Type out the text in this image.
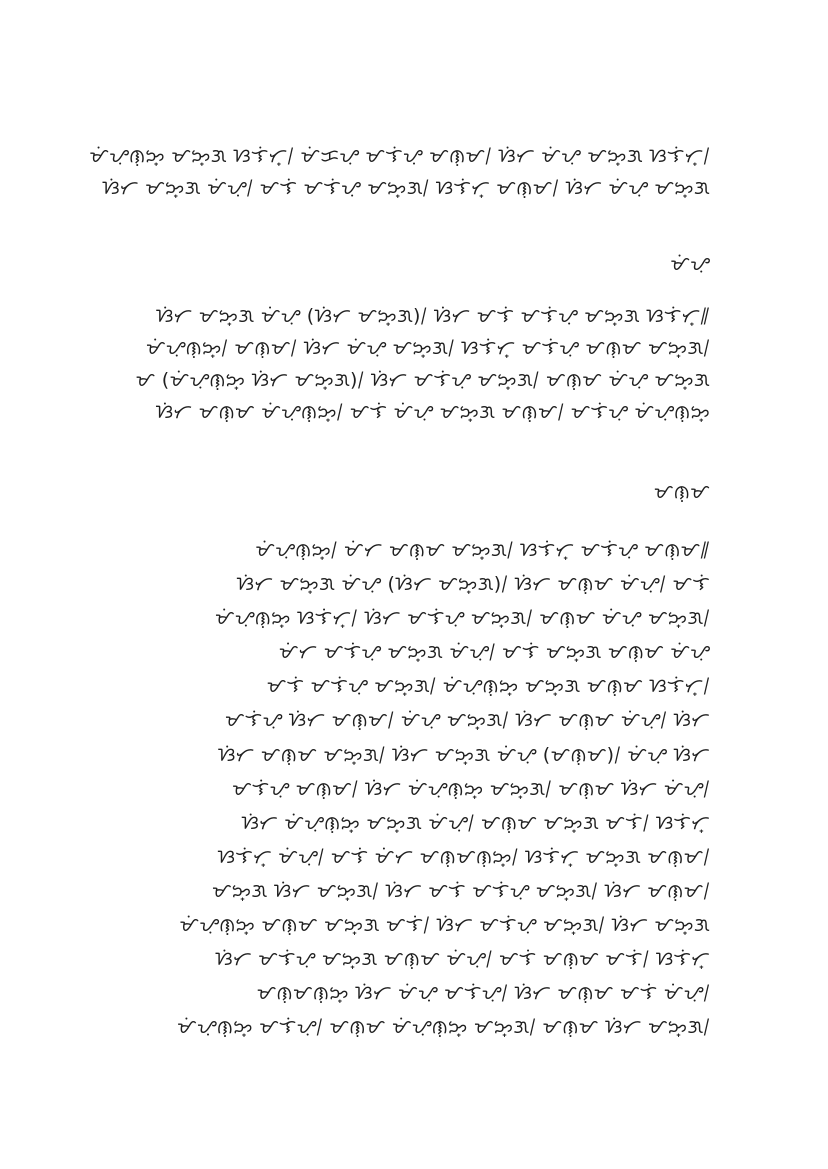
ᜋᜒᜌᜓᜈᜓᜅ᜔ ᜋᜅ᜔ᜄ ᜐᜎᜒᜆ᜔᜵ ᜋᜒᜃᜌᜓ ᜋᜎᜒᜌᜓ ᜋᜈᜓᜋ᜵ ᜐᜒᜆ ᜋᜒᜌᜓ ᜋᜅ᜔ᜄ ᜐᜎᜒᜆ᜔᜵
ᜐᜒᜆ ᜋᜅ᜔ᜄ ᜋᜒᜌᜓ᜵ ᜋᜎᜒ ᜋᜎᜒᜌᜓ ᜋᜅ᜔ᜄ᜵ ᜐᜎᜒᜆ᜔ ᜋᜈᜓᜋ᜵ ᜐᜒᜆ ᜋᜒᜌᜓ ᜋᜅ᜔ᜄ
ᜋᜒᜌᜓ
ᜐᜒᜆ ᜋᜅ᜔ᜄ ᜋᜒᜌᜓ (ᜐᜒᜆ ᜋᜅ᜔ᜄ)᜵ ᜐᜒᜆ ᜋᜎᜒ ᜋᜎᜒᜌᜓ ᜋᜅ᜔ᜄ ᜐᜎᜒᜆ᜔᜶
ᜋᜒᜌᜓᜈᜓᜅ᜔᜵ ᜋᜈᜓᜋ᜵ ᜐᜒᜆ ᜋᜒᜌᜓ ᜋᜅ᜔ᜄ᜵ ᜐᜎᜒᜆ᜔ ᜋᜎᜒᜌᜓ ᜋᜈᜓᜋ ᜋᜅ᜔ᜄ᜵
ᜋ (ᜋᜒᜌᜓᜈᜓᜅ᜔ ᜐᜒᜆ ᜋᜅ᜔ᜄ)᜵ ᜐᜒᜆ ᜋᜎᜒᜌᜓ ᜋᜅ᜔ᜄ᜵ ᜋᜈᜓᜋ ᜋᜒᜌᜓ ᜋᜅ᜔ᜄ
ᜐᜒᜆ ᜋᜈᜓᜋ ᜋᜒᜌᜓᜈᜓᜅ᜔᜵ ᜋᜎᜒ ᜋᜒᜌᜓ ᜋᜅ᜔ᜄ ᜋᜈᜓᜋ᜵ ᜋᜎᜒᜌᜓ ᜋᜒᜌᜓᜈᜓᜅ᜔
ᜋᜈᜓᜋ
ᜋᜒᜌᜓᜈᜓᜅ᜔᜵ ᜋᜒᜆ ᜋᜈᜓᜋ ᜋᜅ᜔ᜄ᜵ ᜐᜎᜒᜆ᜔ ᜋᜎᜒᜌᜓ ᜋᜈᜓᜋ᜶
ᜐᜒᜆ ᜋᜅ᜔ᜄ ᜋᜒᜌᜓ (ᜐᜒᜆ ᜋᜅ᜔ᜄ)᜵ ᜐᜒᜆ ᜋᜈᜓᜋ ᜋᜒᜌᜓ᜵ ᜋᜎᜒ
ᜋᜒᜌᜓᜈᜓᜅ᜔ ᜐᜎᜒᜆ᜔᜵ ᜐᜒᜆ ᜋᜎᜒᜌᜓ ᜋᜅ᜔ᜄ᜵ ᜋᜈᜓᜋ ᜋᜒᜌᜓ ᜋᜅ᜔ᜄ᜵
ᜋᜒᜆ ᜋᜎᜒᜌᜓ ᜋᜅ᜔ᜄ ᜋᜒᜌᜓ᜵ ᜋᜎᜒ ᜋᜅ᜔ᜄ ᜋᜈᜓᜋ ᜋᜒᜌᜓ
ᜋᜎᜒ ᜋᜎᜒᜌᜓ ᜋᜅ᜔ᜄ᜵ ᜋᜒᜌᜓᜈᜓᜅ᜔ ᜋᜅ᜔ᜄ ᜋᜈᜓᜋ ᜐᜎᜒᜆ᜔᜵
ᜋᜎᜒᜌᜓ ᜐᜒᜆ ᜋᜈᜓᜋ᜵ ᜋᜒᜌᜓ ᜋᜅ᜔ᜄ᜵ ᜐᜒᜆ ᜋᜈᜓᜋ ᜋᜒᜌᜓ᜵ ᜐᜒᜆ
ᜐᜒᜆ ᜋᜈᜓᜋ ᜋᜅ᜔ᜄ᜵ ᜐᜒᜆ ᜋᜅ᜔ᜄ ᜋᜒᜌᜓ (ᜋᜈᜓᜋ)᜵ ᜋᜒᜌᜓ ᜐᜒᜆ
ᜋᜎᜒᜌᜓ ᜋᜈᜓᜋ᜵ ᜐᜒᜆ ᜋᜒᜌᜓᜈᜓᜅ᜔ ᜋᜅ᜔ᜄ᜵ ᜋᜈᜓᜋ ᜐᜒᜆ ᜋᜒᜌᜓ᜵
ᜐᜒᜆ ᜋᜒᜌᜓᜈᜓᜅ᜔ ᜋᜅ᜔ᜄ ᜋᜒᜌᜓ᜵ ᜋᜈᜓᜋ ᜋᜅ᜔ᜄ ᜋᜎᜒ᜵ ᜐᜎᜒᜆ᜔
ᜐᜎᜒᜆ᜔ ᜋᜒᜌᜓ᜵ ᜋᜎᜒ ᜋᜒᜆ ᜋᜈᜓᜋᜈᜓᜅ᜔᜵ ᜐᜎᜒᜆ᜔ ᜋᜅ᜔ᜄ ᜋᜈᜓᜋ᜵
ᜋᜅ᜔ᜄ ᜐᜒᜆ ᜋᜅ᜔ᜄ᜵ ᜐᜒᜆ ᜋᜎᜒ ᜋᜎᜒᜌᜓ ᜋᜅ᜔ᜄ᜵ ᜐᜒᜆ ᜋᜈᜓᜋ᜵
ᜋᜒᜌᜓᜈᜓᜅ᜔ ᜋᜈᜓᜋ ᜋᜅ᜔ᜄ ᜋᜎᜒ᜵ ᜐᜒᜆ ᜋᜎᜒᜌᜓ ᜋᜅ᜔ᜄ᜵ ᜐᜒᜆ ᜋᜅ᜔ᜄ
ᜐᜒᜆ ᜋᜎᜒᜌᜓ ᜋᜅ᜔ᜄ ᜋᜈᜓᜋ ᜋᜒᜌᜓ᜵ ᜋᜎᜒ ᜋᜈᜓᜋ ᜋᜎᜒ᜵ ᜐᜎᜒᜆ᜔
ᜋᜈᜓᜋᜈᜓᜅ᜔ ᜐᜒᜆ ᜋᜒᜌᜓ ᜋᜎᜒᜌᜓ᜵ ᜐᜒᜆ ᜋᜈᜓᜋ ᜋᜎᜒ ᜋᜒᜌᜓ᜵
ᜋᜒᜌᜓᜈᜓᜅ᜔ ᜋᜎᜒᜌᜓ᜵ ᜋᜈᜓᜋ ᜋᜒᜌᜓᜈᜓᜅ᜔ ᜋᜅ᜔ᜄ᜵ ᜋᜈᜓᜋ ᜐᜒᜆ ᜋᜅ᜔ᜄ᜵
